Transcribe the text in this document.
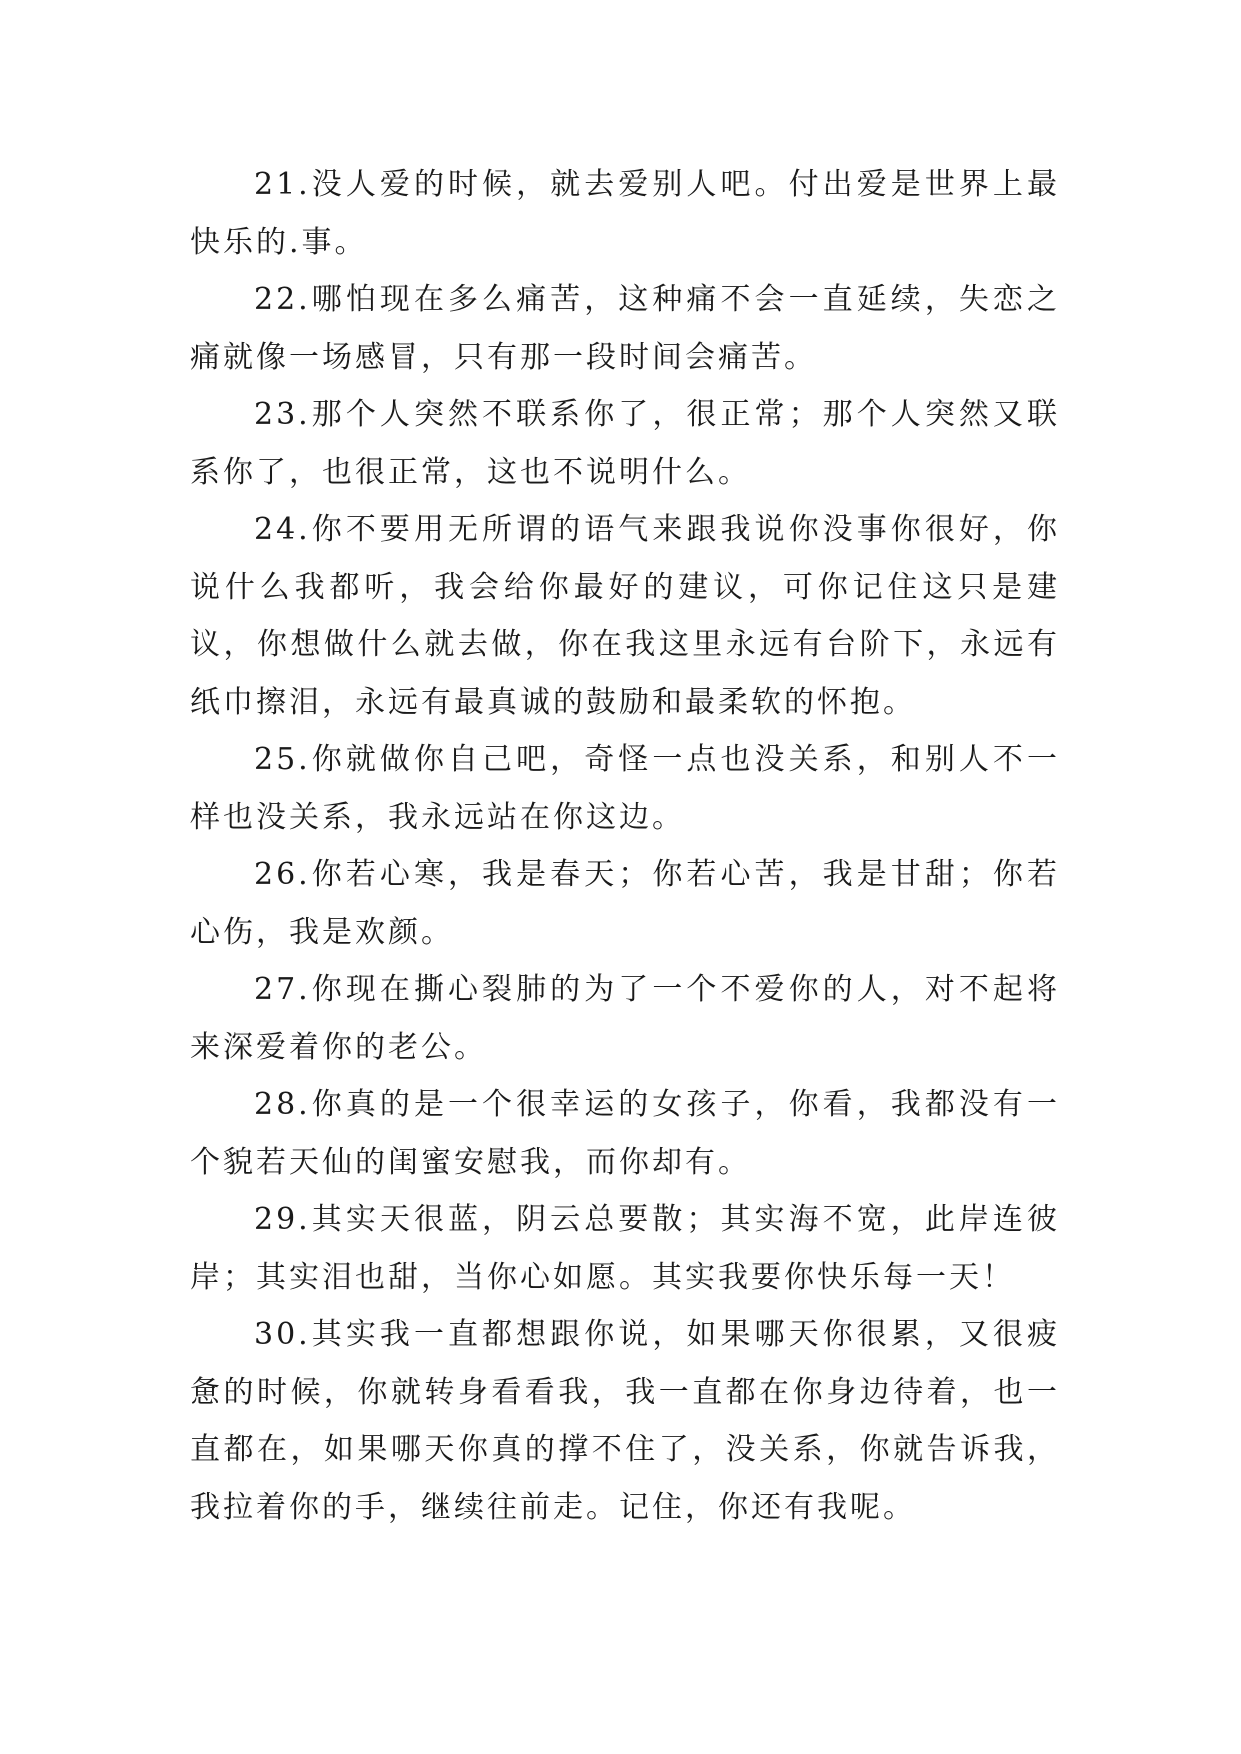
21.没人爱的时候，就去爱别人吧。付出爱是世界上最快乐的.事。

22.哪怕现在多么痛苦，这种痛不会一直延续，失恋之痛就像一场感冒，只有那一段时间会痛苦。

23.那个人突然不联系你了，很正常；那个人突然又联系你了，也很正常，这也不说明什么。

24.你不要用无所谓的语气来跟我说你没事你很好，你说什么我都听，我会给你最好的建议，可你记住这只是建议，你想做什么就去做，你在我这里永远有台阶下，永远有纸巾擦泪，永远有最真诚的鼓励和最柔软的怀抱。

25.你就做你自己吧，奇怪一点也没关系，和别人不一样也没关系，我永远站在你这边。

26.你若心寒，我是春天；你若心苦，我是甘甜；你若心伤，我是欢颜。

27.你现在撕心裂肺的为了一个不爱你的人，对不起将来深爱着你的老公。

28.你真的是一个很幸运的女孩子，你看，我都没有一个貌若天仙的闺蜜安慰我，而你却有。

29.其实天很蓝，阴云总要散；其实海不宽，此岸连彼岸；其实泪也甜，当你心如愿。其实我要你快乐每一天！

30.其实我一直都想跟你说，如果哪天你很累，又很疲惫的时候，你就转身看看我，我一直都在你身边待着，也一直都在，如果哪天你真的撑不住了，没关系，你就告诉我，我拉着你的手，继续往前走。记住，你还有我呢。
